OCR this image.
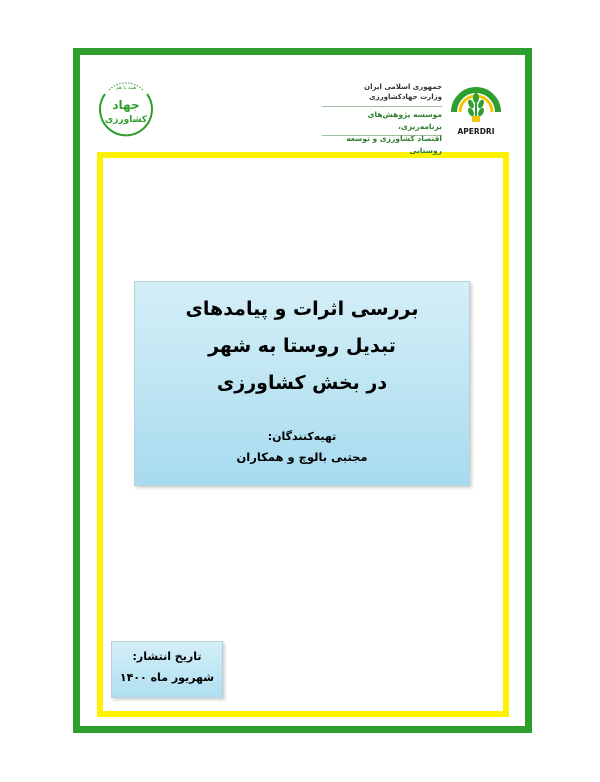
همه با هم
جهاد
کشاورزی
جمهوری اسلامی ایران
وزارت جهادکشاورزی
موسسه پژوهش‌های برنامه‌ریزی،
اقتصاد کشاورزی و توسعه روستایی
APERDRI
بررسی اثرات و پیامدهای
تبدیل روستا به شهر
در بخش کشاورزی
تهیه‌کنندگان:
مجتبی بالوچ و همکاران
تاریخ انتشار:
شهریور ماه ۱۴۰۰
